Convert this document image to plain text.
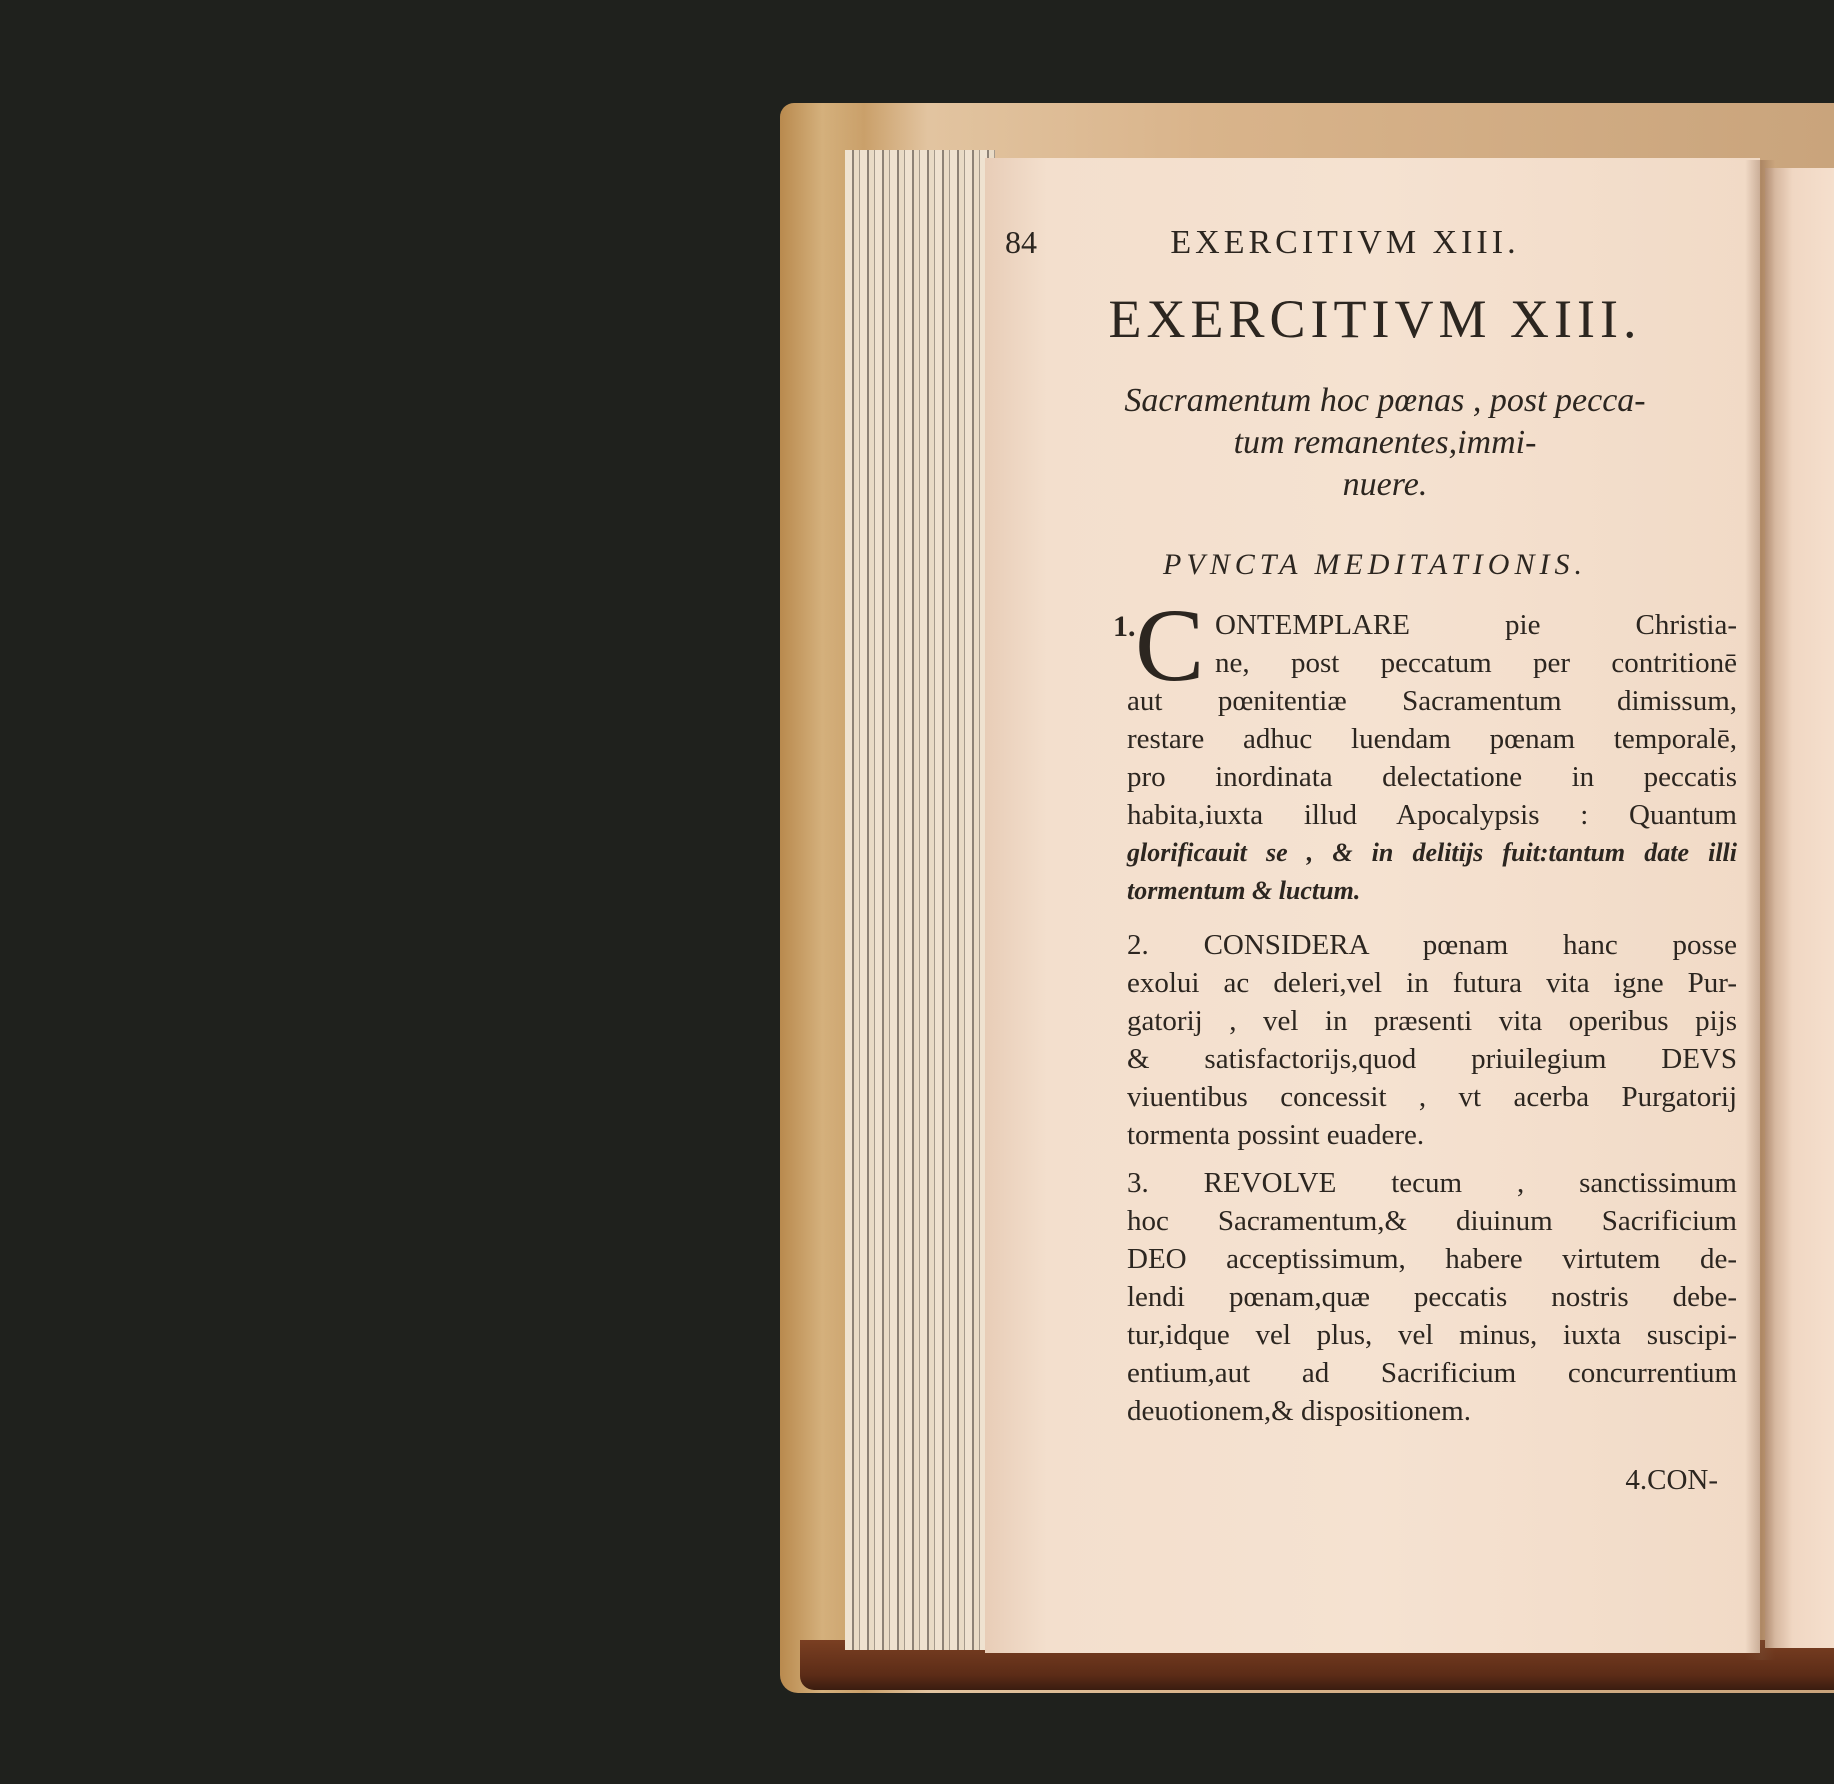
84	EXERCITIVM XIII.
EXERCITIVM XIII.
Sacramentum hoc pœnas , post pecca-
tum remanentes,immi-
nuere.
PVNCTA MEDITATIONIS.
1. C ONTEMPLARE pie Christia-
ne, post peccatum per contritionē
aut pœnitentiæ Sacramentum dimissum,
restare adhuc luendam pœnam temporalē,
pro inordinata delectatione in peccatis
habita,iuxta illud Apocalypsis : Quantum
glorificauit se , & in delitijs fuit:tantum date illi
tormentum & luctum.
2. CONSIDERA pœnam hanc posse
exolui ac deleri,vel in futura vita igne Pur-
gatorij , vel in præsenti vita operibus pijs
& satisfactorijs,quod priuilegium DEVS
viuentibus concessit , vt acerba Purgatorij
tormenta possint euadere.
3. REVOLVE tecum , sanctissimum
hoc Sacramentum,& diuinum Sacrificium
DEO acceptissimum, habere virtutem de-
lendi pœnam,quæ peccatis nostris debe-
tur,idque vel plus, vel minus, iuxta suscipi-
entium,aut ad Sacrificium concurrentium
deuotionem,& dispositionem.
4.CON-
